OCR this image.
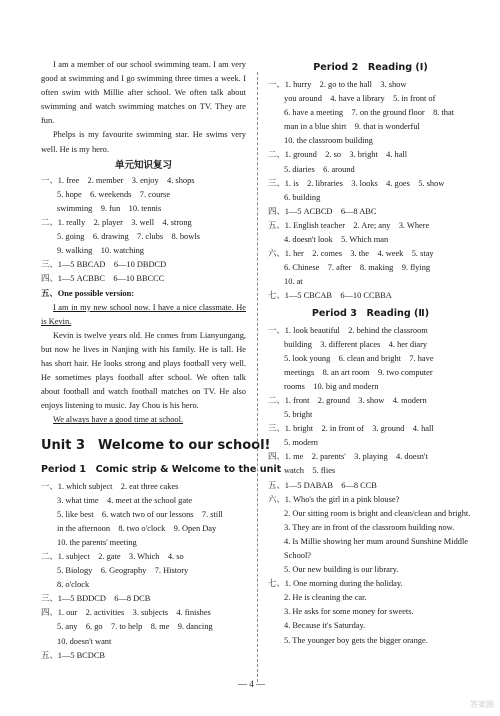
I am a member of our school swimming team. I am very good at swimming and I go swimming three times a week. I often swim with Millie after school. We often talk about swimming and watch swimming matches on TV. They are fun.
Phelps is my favourite swimming star. He swims very well. He is my hero.
单元知识复习
一、1. free　2. member　3. enjoy　4. shops
5. hope　6. weekends　7. course
swimming　9. fun　10. tennis
二、1. really　2. player　3. well　4. strong
5. going　6. drawing　7. clubs　8. bowls
9. walking　10. watching
三、1—5 BBCAD　6—10 DBDCD
四、1—5 ACBBC　6—10 BBCCC
五、One possible version:
I am in my new school now. I have a nice classmate. He is Kevin.
Kevin is twelve years old. He comes from Lianyungang, but now he lives in Nanjing with his family. He is tall. He has short hair. He looks strong and plays football very well. He sometimes plays football after school. We often talk about football and watch football matches on TV. He also enjoys listening to music. Jay Chou is his hero.
We always have a good time at school.
Unit 3　Welcome to our school!
Period 1　Comic strip & Welcome to the unit
一、1. which subject　2. eat three cakes
3. what time　4. meet at the school gate
5. like best　6. watch two of our lessons　7. still
in the afternoon　8. two o'clock　9. Open Day
10. the parents' meeting
二、1. subject　2. gate　3. Which　4. so
5. Biology　6. Geography　7. History
8. o'clock
三、1—5 BDDCD　6—8 DCB
四、1. our　2. activities　3. subjects　4. finishes
5. any　6. go　7. to help　8. me　9. dancing
10. doesn't want
五、1—5 BCDCB
Period 2　Reading (Ⅰ)
一、1. hurry　2. go to the hall　3. show
you around　4. have a library　5. in front of
6. have a meeting　7. on the ground floor　8. that
man in a blue shirt　9. that is wonderful
10. the classroom building
二、1. ground　2. so　3. bright　4. hall
5. diaries　6. around
三、1. is　2. libraries　3. looks　4. goes　5. show
6. building
四、1—5 ACBCD　6—8 ABC
五、1. English teacher　2. Are; any　3. Where
4. doesn't look　5. Which man
六、1. her　2. comes　3. the　4. week　5. stay
6. Chinese　7. after　8. making　9. flying
10. at
七、1—5 CBCAB　6—10 CCBBA
Period 3　Reading (Ⅱ)
一、1. look beautiful　2. behind the classroom
building　3. different places　4. her diary
5. look young　6. clean and bright　7. have
meetings　8. an art room　9. two computer
rooms　10. big and modern
二、1. front　2. ground　3. show　4. modern
5. bright
三、1. bright　2. in front of　3. ground　4. hall
5. modern
四、1. me　2. parents'　3. playing　4. doesn't
watch　5. flies
五、1—5 DABAB　6—8 CCB
六、1. Who's the girl in a pink blouse?
2. Our sitting room is bright and clean/clean and bright.
3. They are in front of the classroom building now.
4. Is Millie showing her mum around Sunshine Middle School?
5. Our new building is our library.
七、1. One morning during the holiday.
2. He is cleaning the car.
3. He asks for some money for sweets.
4. Because it's Saturday.
5. The younger boy gets the bigger orange.
— 4 —
答案圈
